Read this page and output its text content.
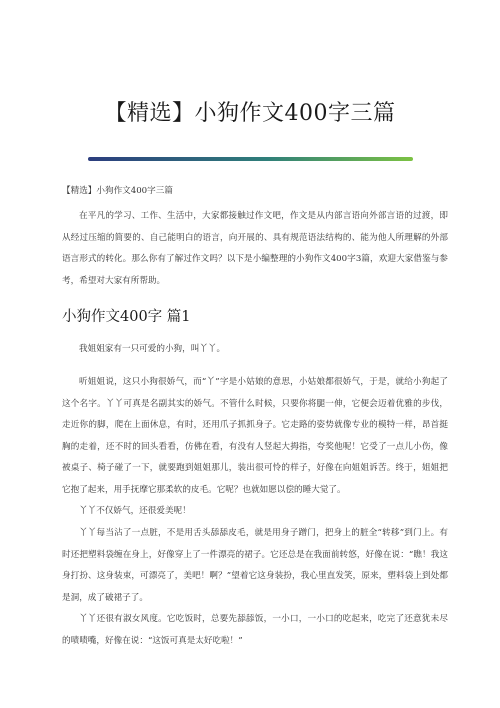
【精选】小狗作文400字三篇

【精选】小狗作文400字三篇

在平凡的学习、工作、生活中，大家都接触过作文吧，作文是从内部言语向外部言语的过渡，即从经过压缩的简要的、自己能明白的语言，向开展的、具有规范语法结构的、能为他人所理解的外部语言形式的转化。那么你有了解过作文吗？以下是小编整理的小狗作文400字3篇，欢迎大家借鉴与参考，希望对大家有所帮助。

小狗作文400字 篇1

我姐姐家有一只可爱的小狗，叫丫丫。

听姐姐说，这只小狗很娇气，而“丫”字是小姑娘的意思，小姑娘都很娇气，于是，就给小狗起了这个名字。丫丫可真是名副其实的娇气。不管什么时候，只要你将腿一伸，它便会迈着优雅的步伐，走近你的脚，爬在上面休息，有时，还用爪子抓抓身子。它走路的姿势就像专业的模特一样，昂首挺胸的走着，还不时的回头看看，仿佛在看，有没有人竖起大拇指，夸奖他呢！它受了一点儿小伤，像被桌子、椅子碰了一下，就要跑到姐姐那儿，装出很可怜的样子，好像在向姐姐诉苦。终于，姐姐把它抱了起来，用手抚摩它那柔软的皮毛。它呢？也就如愿以偿的睡大觉了。

丫丫不仅娇气，还很爱美呢！

丫丫每当沾了一点脏，不是用舌头舔舔皮毛，就是用身子蹭门，把身上的脏全“转移”到门上。有时还把塑料袋缠在身上，好像穿上了一件漂亮的裙子。它还总是在我面前转悠，好像在说：“瞧！我这身打扮、这身装束，可漂亮了，美吧！啊？”望着它这身装扮，我心里直发笑，原来，塑料袋上到处都是洞，成了破裙子了。

丫丫还很有淑女风度。它吃饭时，总要先舔舔饭，一小口，一小口的吃起来，吃完了还意犹未尽的啧啧嘴，好像在说：“这饭可真是太好吃啦！”
